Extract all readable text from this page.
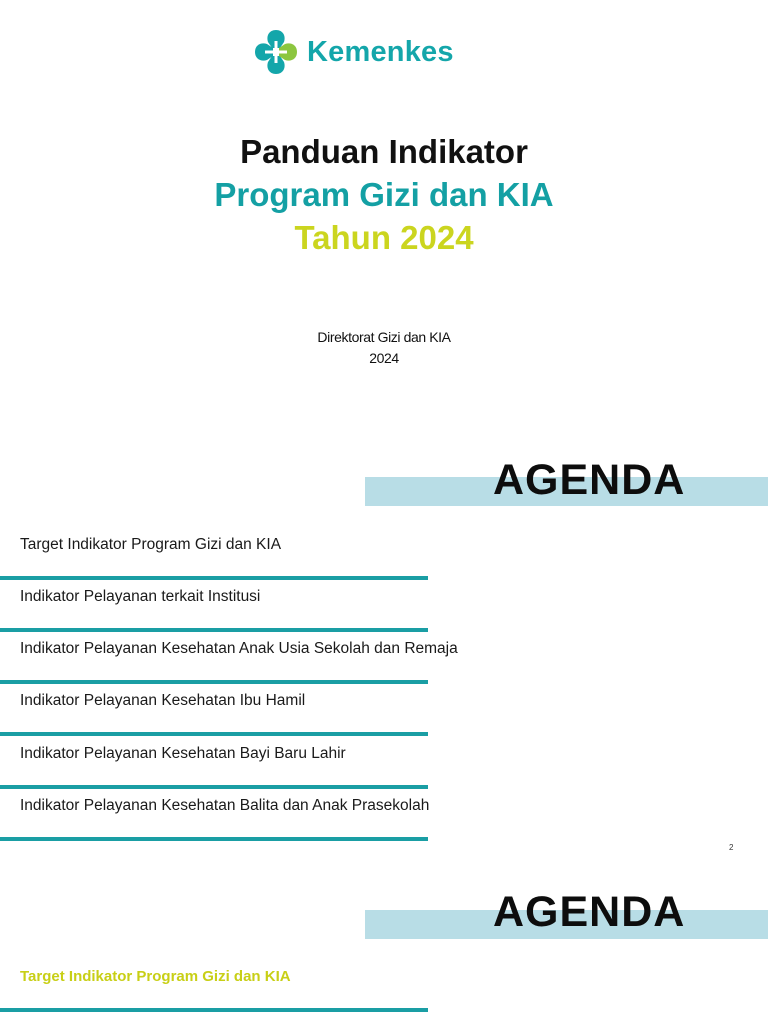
Kemenkes
Panduan Indikator
Program Gizi dan KIA
Tahun 2024
Direktorat Gizi dan KIA
2024
AGENDA
Target Indikator Program Gizi dan KIA
Indikator Pelayanan terkait Institusi
Indikator Pelayanan Kesehatan Anak Usia Sekolah dan Remaja
Indikator Pelayanan Kesehatan Ibu Hamil
Indikator Pelayanan Kesehatan Bayi Baru Lahir
Indikator Pelayanan Kesehatan Balita dan Anak Prasekolah
2
AGENDA
Target Indikator Program Gizi dan KIA
